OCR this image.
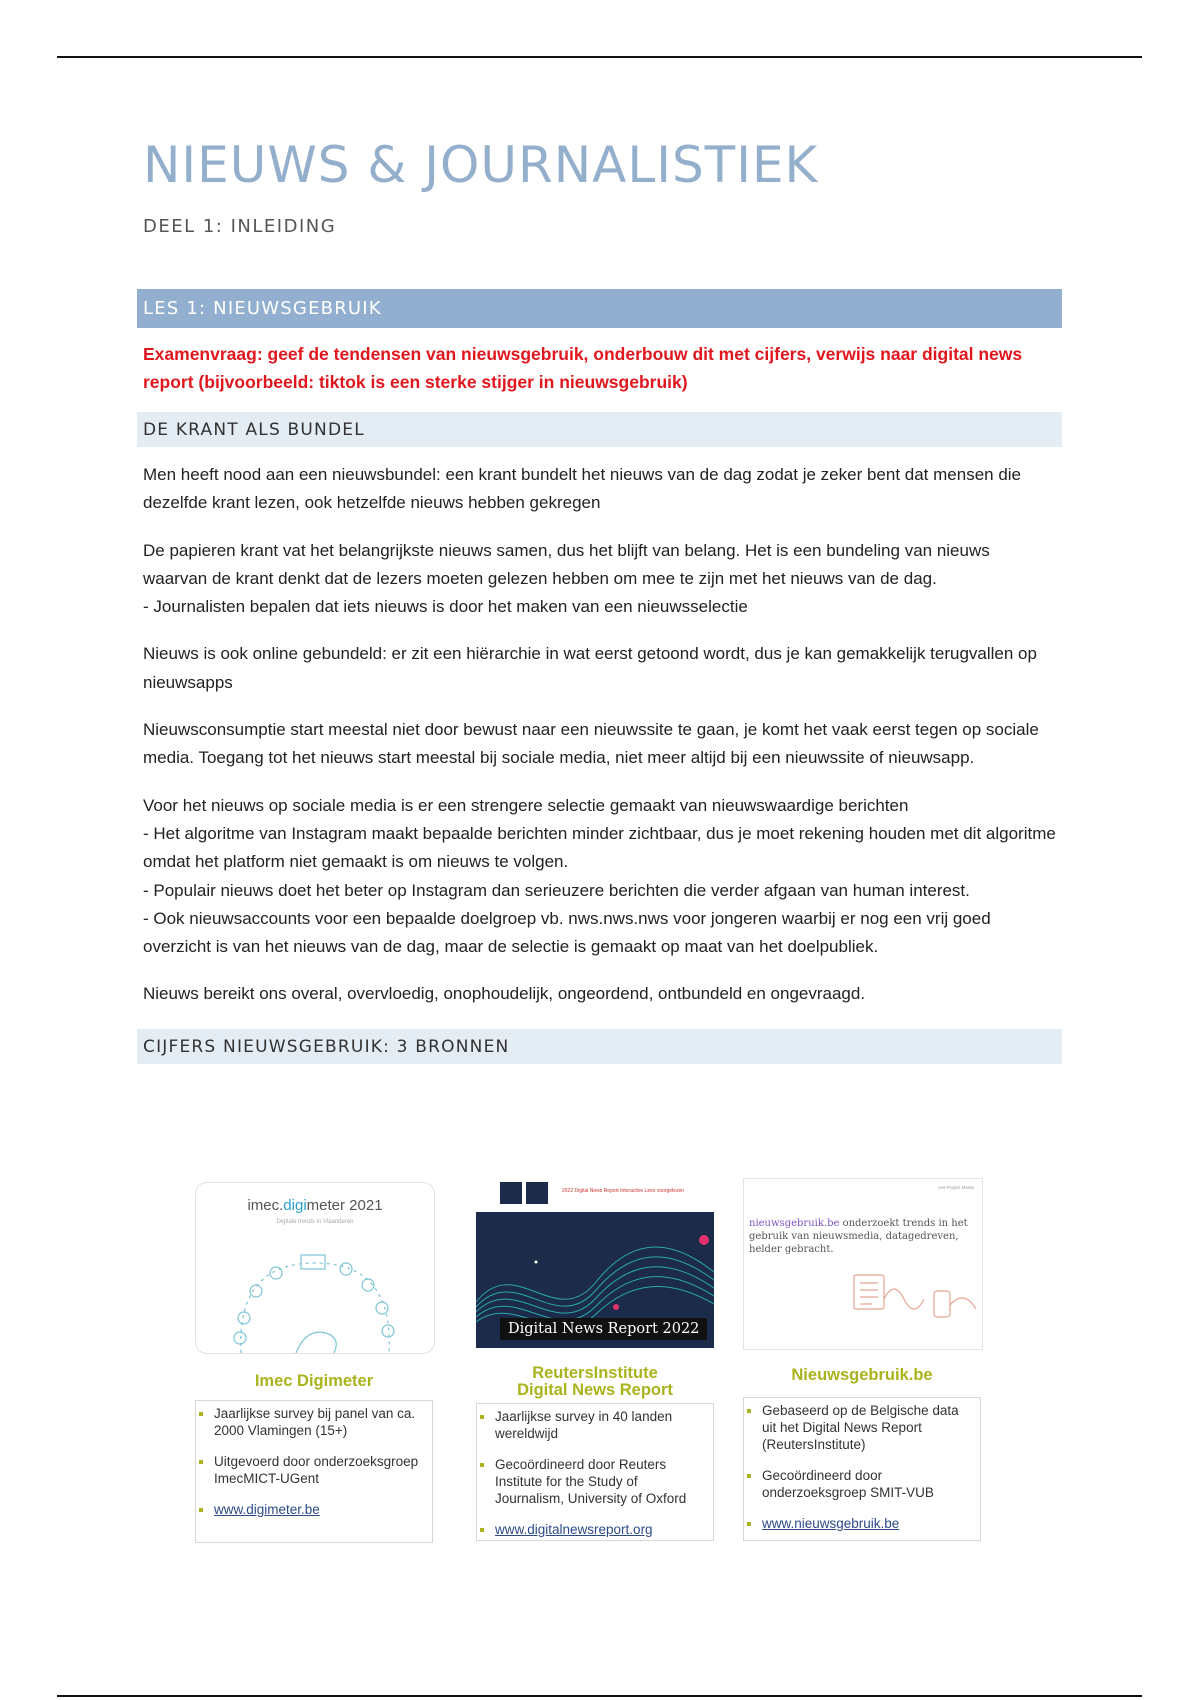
NIEUWS & JOURNALISTIEK
DEEL 1: INLEIDING
LES 1: NIEUWSGEBRUIK

Examenvraag: geef de tendensen van nieuwsgebruik, onderbouw dit met cijfers, verwijs naar digital news report (bijvoorbeeld: tiktok is een sterke stijger in nieuwsgebruik)

DE KRANT ALS BUNDEL

Men heeft nood aan een nieuwsbundel: een krant bundelt het nieuws van de dag zodat je zeker bent dat mensen die dezelfde krant lezen, ook hetzelfde nieuws hebben gekregen

De papieren krant vat het belangrijkste nieuws samen, dus het blijft van belang. Het is een bundeling van nieuws waarvan de krant denkt dat de lezers moeten gelezen hebben om mee te zijn met het nieuws van de dag.
- Journalisten bepalen dat iets nieuws is door het maken van een nieuwsselectie

Nieuws is ook online gebundeld: er zit een hiërarchie in wat eerst getoond wordt, dus je kan gemakkelijk terugvallen op nieuwsapps

Nieuwsconsumptie start meestal niet door bewust naar een nieuwssite te gaan, je komt het vaak eerst tegen op sociale media. Toegang tot het nieuws start meestal bij sociale media, niet meer altijd bij een nieuwssite of nieuwsapp.

Voor het nieuws op sociale media is er een strengere selectie gemaakt van nieuwswaardige berichten
- Het algoritme van Instagram maakt bepaalde berichten minder zichtbaar, dus je moet rekening houden met dit algoritme omdat het platform niet gemaakt is om nieuws te volgen.
- Populair nieuws doet het beter op Instagram dan serieuzere berichten die verder afgaan van human interest.
- Ook nieuwsaccounts voor een bepaalde doelgroep vb. nws.nws.nws voor jongeren waarbij er nog een vrij goed overzicht is van het nieuws van de dag, maar de selectie is gemaakt op maat van het doelpubliek.

Nieuws bereikt ons overal, overvloedig, onophoudelijk, ongeordend, ontbundeld en ongevraagd.

CIJFERS NIEUWSGEBRUIK: 3 BRONNEN
imec.digimeter 2021
Digitale trends in Vlaanderen
Imec Digimeter
Jaarlijkse survey bij panel van ca. 2000 Vlamingen (15+)
Uitgevoerd door onderzoeksgroep ImecMICT-UGent
www.digimeter.be
2022 Digital News Report Interactive Lees voorgelezen
Digital News Report 2022
ReutersInstitute
Digital News Report
Jaarlijkse survey in 40 landen wereldwijd
Gecoördineerd door Reuters Institute for the Study of Journalism, University of Oxford
www.digitalnewsreport.org
Het Project Media
nieuwsgebruik.be onderzoekt trends in het gebruik van nieuwsmedia, datagedreven, helder gebracht.
Nieuwsgebruik.be
Gebaseerd op de Belgische data uit het Digital News Report (ReutersInstitute)
Gecoördineerd door onderzoeksgroep SMIT-VUB
www.nieuwsgebruik.be
